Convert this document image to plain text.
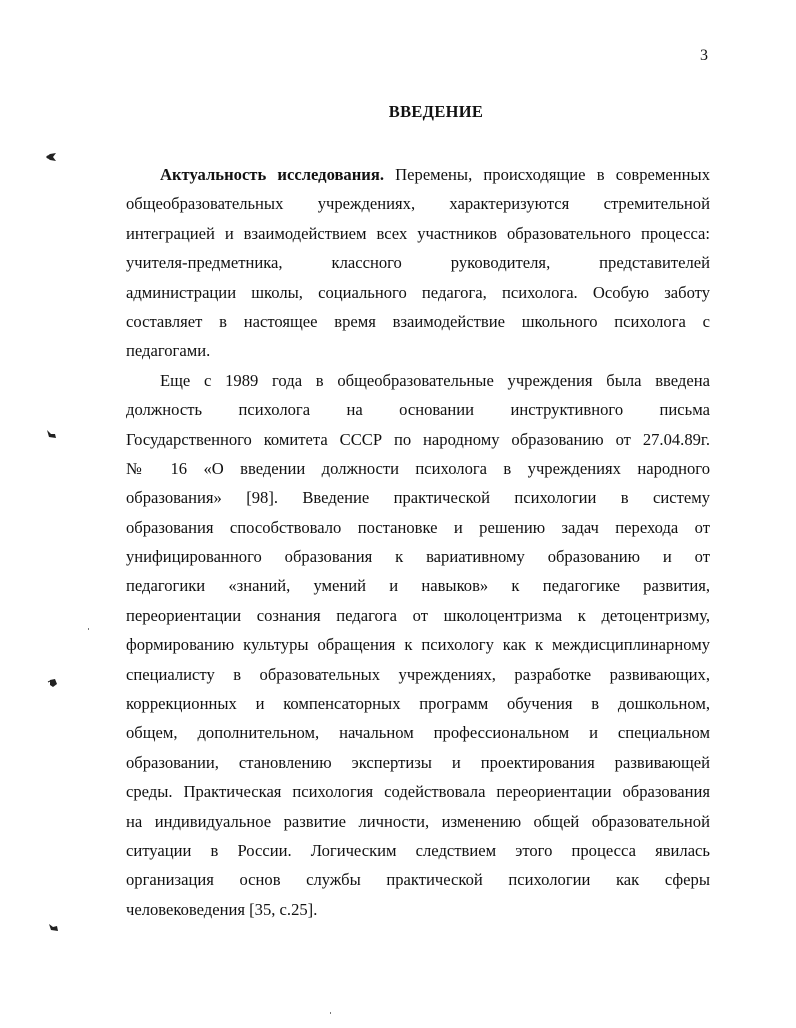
3
ВВЕДЕНИЕ
Актуальность исследования. Перемены, происходящие в современных
общеобразовательных учреждениях, характеризуются стремительной
интеграцией и взаимодействием всех участников образовательного процесса:
учителя-предметника, классного руководителя, представителей
администрации школы, социального педагога, психолога. Особую заботу
составляет в настоящее время взаимодействие школьного психолога с
педагогами.
Еще с 1989 года в общеобразовательные учреждения была введена
должность психолога на основании инструктивного письма
Государственного комитета СССР по народному образованию от 27.04.89г.
№ 16 «О введении должности психолога в учреждениях народного
образования» [98]. Введение практической психологии в систему
образования способствовало постановке и решению задач перехода от
унифицированного образования к вариативному образованию и от
педагогики «знаний, умений и навыков» к педагогике развития,
переориентации сознания педагога от школоцентризма к детоцентризму,
формированию культуры обращения к психологу как к междисциплинарному
специалисту в образовательных учреждениях, разработке развивающих,
коррекционных и компенсаторных программ обучения в дошкольном,
общем, дополнительном, начальном профессиональном и специальном
образовании, становлению экспертизы и проектирования развивающей
среды. Практическая психология содействовала переориентации образования
на индивидуальное развитие личности, изменению общей образовательной
ситуации в России. Логическим следствием этого процесса явилась
организация основ службы практической психологии как сферы
человековедения [35, с.25].
